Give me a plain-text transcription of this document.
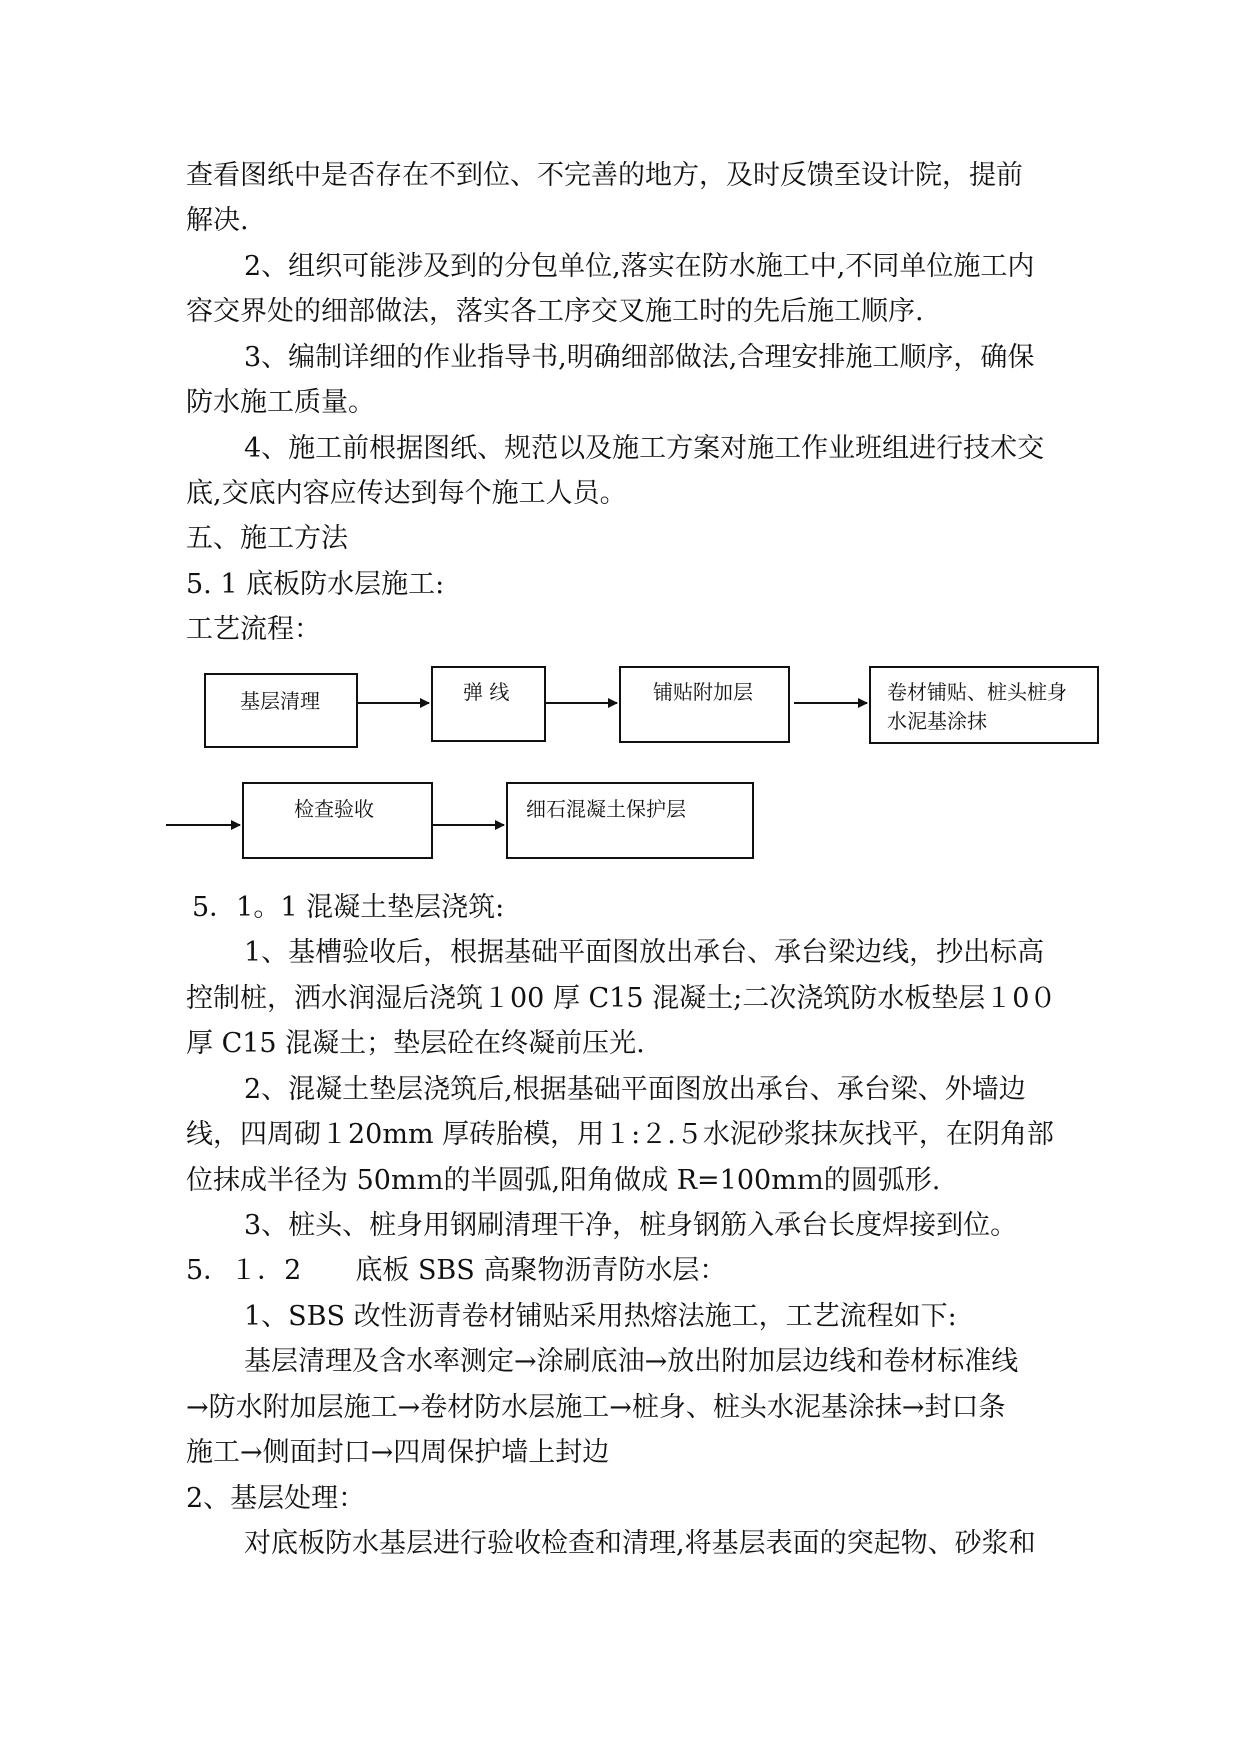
查看图纸中是否存在不到位、不完善的地方，及时反馈至设计院，提前
解决.
2、组织可能涉及到的分包单位,落实在防水施工中,不同单位施工内
容交界处的细部做法，落实各工序交叉施工时的先后施工顺序.
3、编制详细的作业指导书,明确细部做法,合理安排施工顺序，确保
防水施工质量。
4、施工前根据图纸、规范以及施工方案对施工作业班组进行技术交
底,交底内容应传达到每个施工人员。
五、施工方法
5. 1 底板防水层施工:
工艺流程：
基层清理	弹 线	铺贴附加层	卷材铺贴、桩头桩身
水泥基涂抹
检查验收	细石混凝土保护层
5．1。1 混凝土垫层浇筑:
1、基槽验收后，根据基础平面图放出承台、承台梁边线，抄出标高
控制桩，洒水润湿后浇筑１00 厚 C15 混凝土;二次浇筑防水板垫层１0０
厚 C15 混凝土；垫层砼在终凝前压光.
2、混凝土垫层浇筑后,根据基础平面图放出承台、承台梁、外墙边
线，四周砌１20mm 厚砖胎模，用１:２.５水泥砂浆抹灰找平，在阴角部
位抹成半径为 50mｍ的半圆弧,阳角做成 R=100mｍ的圆弧形.
3、桩头、桩身用钢刷清理干净，桩身钢筋入承台长度焊接到位。
5．１．2　　底板 SBS 高聚物沥青防水层：
1、SBS 改性沥青卷材铺贴采用热熔法施工，工艺流程如下:
基层清理及含水率测定→涂刷底油→放出附加层边线和卷材标准线
→防水附加层施工→卷材防水层施工→桩身、桩头水泥基涂抹→封口条
施工→侧面封口→四周保护墙上封边
2、基层处理：
对底板防水基层进行验收检查和清理,将基层表面的突起物、砂浆和
